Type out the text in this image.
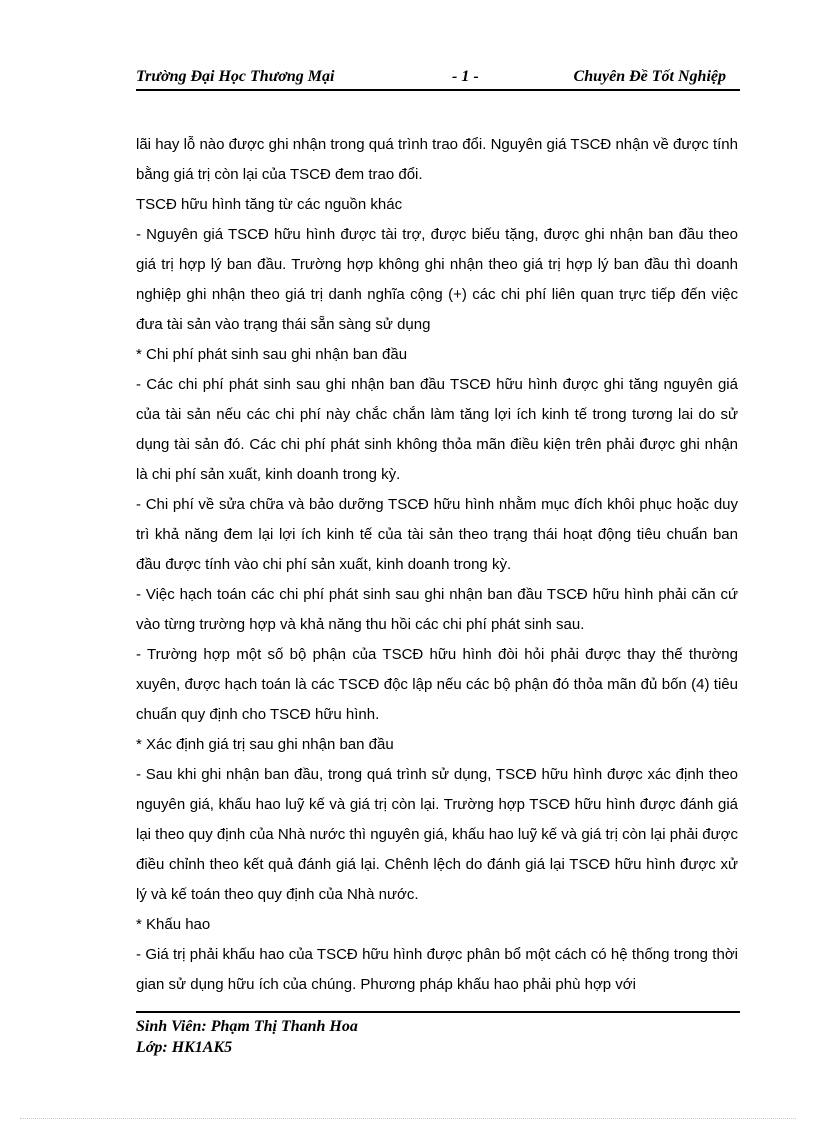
Trường Đại Học Thương Mại	- 1 -	Chuyên Đề Tốt Nghiệp

lãi hay lỗ nào được ghi nhận trong quá trình trao đổi. Nguyên giá TSCĐ nhận về được tính bằng giá trị còn lại của TSCĐ đem trao đổi.

TSCĐ hữu hình tăng từ các nguồn khác

- Nguyên giá TSCĐ hữu hình được tài trợ, được biếu tặng, được ghi nhận ban đầu theo giá trị hợp lý ban đầu. Trường hợp không ghi nhận theo giá trị hợp lý ban đầu thì doanh nghiệp ghi nhận theo giá trị danh nghĩa cộng (+) các chi phí liên quan trực tiếp đến việc đưa tài sản vào trạng thái sẵn sàng sử dụng

* Chi phí phát sinh sau ghi nhận ban đầu

- Các chi phí phát sinh sau ghi nhận ban đầu TSCĐ hữu hình được ghi tăng nguyên giá của tài sản nếu các chi phí này chắc chắn làm tăng lợi ích kinh tế trong tương lai do sử dụng tài sản đó. Các chi phí phát sinh không thỏa mãn điều kiện trên phải được ghi nhận là chi phí sản xuất, kinh doanh trong kỳ.

- Chi phí về sửa chữa và bảo dưỡng TSCĐ hữu hình nhằm mục đích khôi phục hoặc duy trì khả năng đem lại lợi ích kinh tế của tài sản theo trạng thái hoạt động tiêu chuẩn ban đầu được tính vào chi phí sản xuất, kinh doanh trong kỳ.

- Việc hạch toán các chi phí phát sinh sau ghi nhận ban đầu TSCĐ hữu hình phải căn cứ vào từng trường hợp và khả năng thu hồi các chi phí phát sinh sau.

- Trường hợp một số bộ phận của TSCĐ hữu hình đòi hỏi phải được thay thế thường xuyên, được hạch toán là các TSCĐ độc lập nếu các bộ phận đó thỏa mãn đủ bốn (4) tiêu chuẩn quy định cho TSCĐ hữu hình.

* Xác định giá trị sau ghi nhận ban đầu

- Sau khi ghi nhận ban đầu, trong quá trình sử dụng, TSCĐ hữu hình được xác định theo nguyên giá, khấu hao luỹ kế và giá trị còn lại. Trường hợp TSCĐ hữu hình được đánh giá lại theo quy định của Nhà nước thì nguyên giá, khấu hao luỹ kế và giá trị còn lại phải được điều chỉnh theo kết quả đánh giá lại. Chênh lệch do đánh giá lại TSCĐ hữu hình được xử lý và kế toán theo quy định của Nhà nước.

* Khấu hao

- Giá trị phải khấu hao của TSCĐ hữu hình được phân bổ một cách có hệ thống trong thời gian sử dụng hữu ích của chúng. Phương pháp khấu hao phải phù hợp với

Sinh Viên: Phạm Thị Thanh Hoa
Lớp: HK1AK5
